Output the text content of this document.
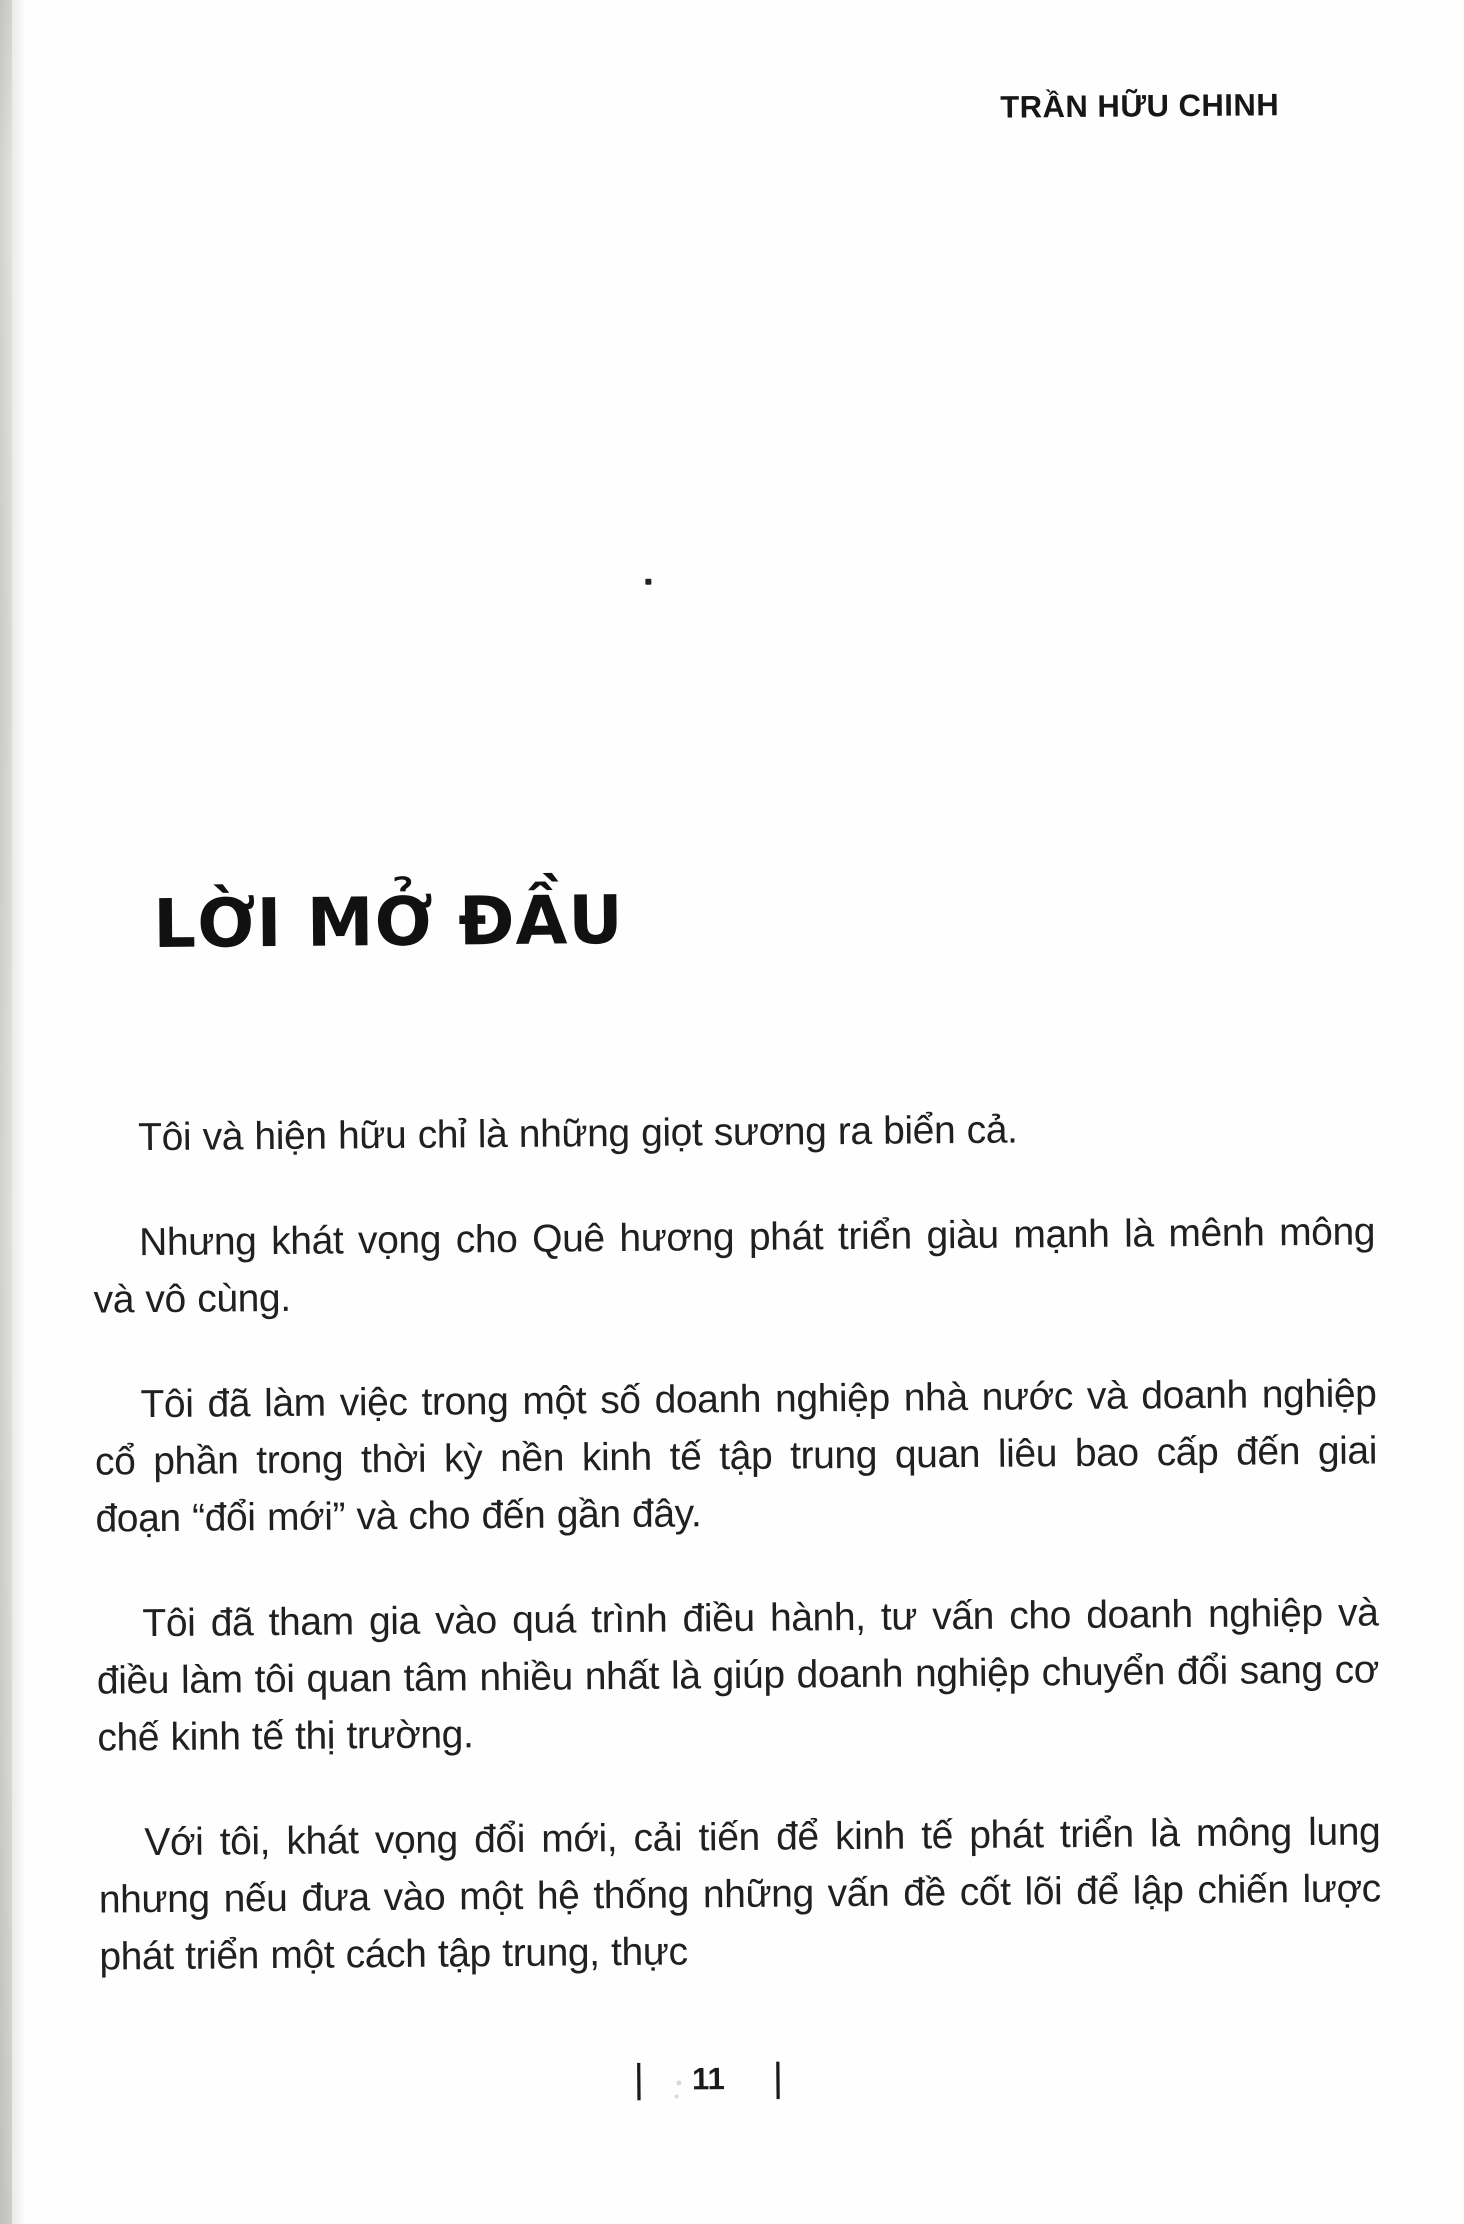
TRẦN HỮU CHINH
LỜI MỞ ĐẦU

Tôi và hiện hữu chỉ là những giọt sương ra biển cả.

Nhưng khát vọng cho Quê hương phát triển giàu mạnh là mênh mông và vô cùng.

Tôi đã làm việc trong một số doanh nghiệp nhà nước và doanh nghiệp cổ phần trong thời kỳ nền kinh tế tập trung quan liêu bao cấp đến giai đoạn “đổi mới” và cho đến gần đây.

Tôi đã tham gia vào quá trình điều hành, tư vấn cho doanh nghiệp và điều làm tôi quan tâm nhiều nhất là giúp doanh nghiệp chuyển đổi sang cơ chế kinh tế thị trường.

Với tôi, khát vọng đổi mới, cải tiến để kinh tế phát triển là mông lung nhưng nếu đưa vào một hệ thống những vấn đề cốt lõi để lập chiến lược phát triển một cách tập trung, thực

| 11 |
